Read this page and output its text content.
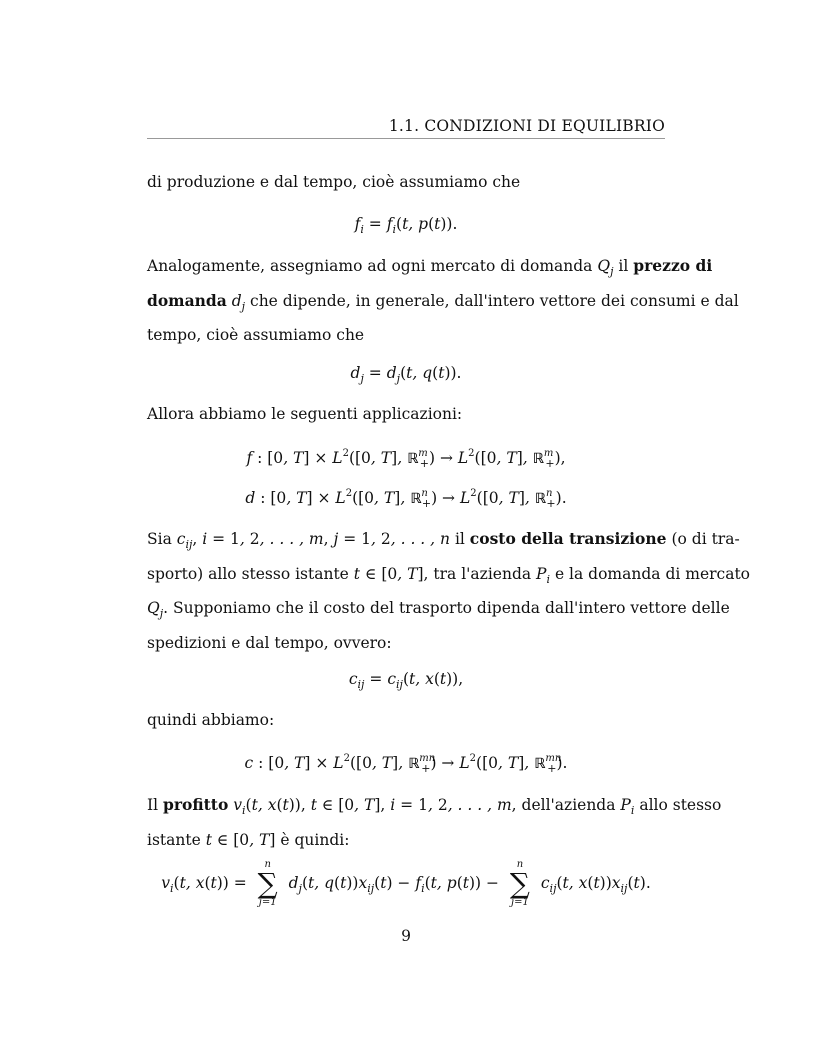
1.1. CONDIZIONI DI EQUILIBRIO
di produzione e dal tempo, cioè assumiamo che
$f_i = f_i(t$, p(t)).
Analogamente, assegniamo ad ogni mercato di domanda $Q_j$ il prezzo di
domanda $d_j$ che dipende, in generale, dall'intero vettore dei consumi e dal
tempo, cioè assumiamo che
$d_j = d_j(t$, q(t)).
Allora abbiamo le seguenti applicazioni:
f : [0, $T] \times L^2([0$, T], ℝ$^m_+$) → $L^2([0$, T], ℝ$^m_+$),
d : [0, $T] \times L^2([0$, T], ℝ$^n_+$) → $L^2([0$, T], ℝ$^n_+$).
Sia $c_{ij}$, i = 1, 2, . . . , m, j = 1, 2, . . . , n il costo della transizione (o di tra-
sporto) allo stesso istante t ∈ [0, T], tra l'azienda $P_i$ e la domanda di mercato
$Q_j$. Supponiamo che il costo del trasporto dipenda dall'intero vettore delle
spedizioni e dal tempo, ovvero:
$c_{ij} = c_{ij}(t$, x(t)),
quindi abbiamo:
c : [0, $T] \times L^2([0$, T], ℝ$^{mn}_+$) → $L^2([0$, T], ℝ$^{mn}_+$).
Il profitto $v_i(t$, x(t)), t ∈ [0, T], i = 1, 2, . . . , m, dell'azienda $P_i$ allo stesso
istante t ∈ [0, T] è quindi:
$v_i(t$, x(t)) =
n
∑
j=1
$d_j(t$, $q(t))x_{ij}(t) - f_i(t$, p(t)) −
n
∑
j=1
$c_{ij}(t$, $x(t))x_{ij}(t)$.
9
